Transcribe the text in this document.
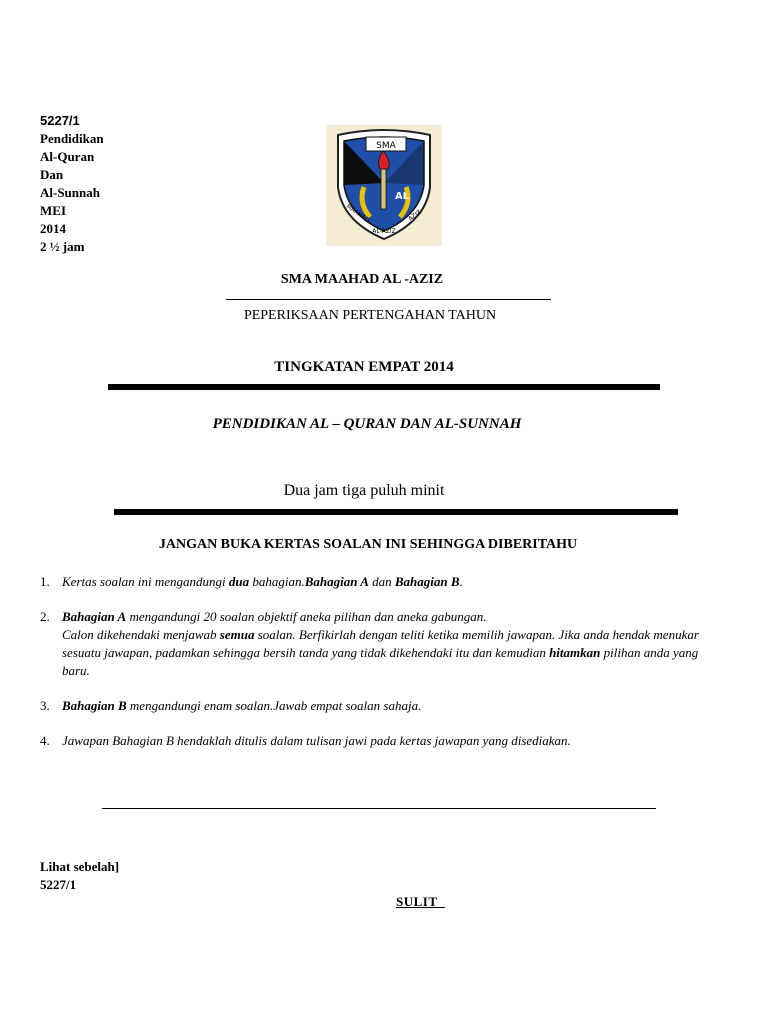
5227/1
Pendidikan
Al-Quran
Dan
Al-Sunnah
MEI
2014
2 ½ jam
SMA
AL
MAAHAD	AZIZ
AL-AZIZ
SMA MAAHAD AL -AZIZ
PEPERIKSAAN PERTENGAHAN TAHUN
TINGKATAN EMPAT 2014
PENDIDIKAN AL – QURAN DAN AL-SUNNAH
Dua jam tiga puluh minit
JANGAN BUKA KERTAS SOALAN INI SEHINGGA DIBERITAHU
1. Kertas soalan ini mengandungi dua bahagian.Bahagian A dan Bahagian B.
2. Bahagian A mengandungi 20 soalan objektif aneka pilihan dan aneka gabungan.
Calon dikehendaki menjawab semua soalan. Berfikirlah dengan teliti ketika memilih jawapan. Jika anda hendak menukar sesuatu jawapan, padamkan sehingga bersih tanda yang tidak dikehendaki itu dan kemudian hitamkan pilihan anda yang baru.
3. Bahagian B mengandungi enam soalan.Jawab empat soalan sahaja.
4. Jawapan Bahagian B hendaklah ditulis dalam tulisan jawi pada kertas jawapan yang disediakan.
Lihat sebelah]
5227/1
SULIT
